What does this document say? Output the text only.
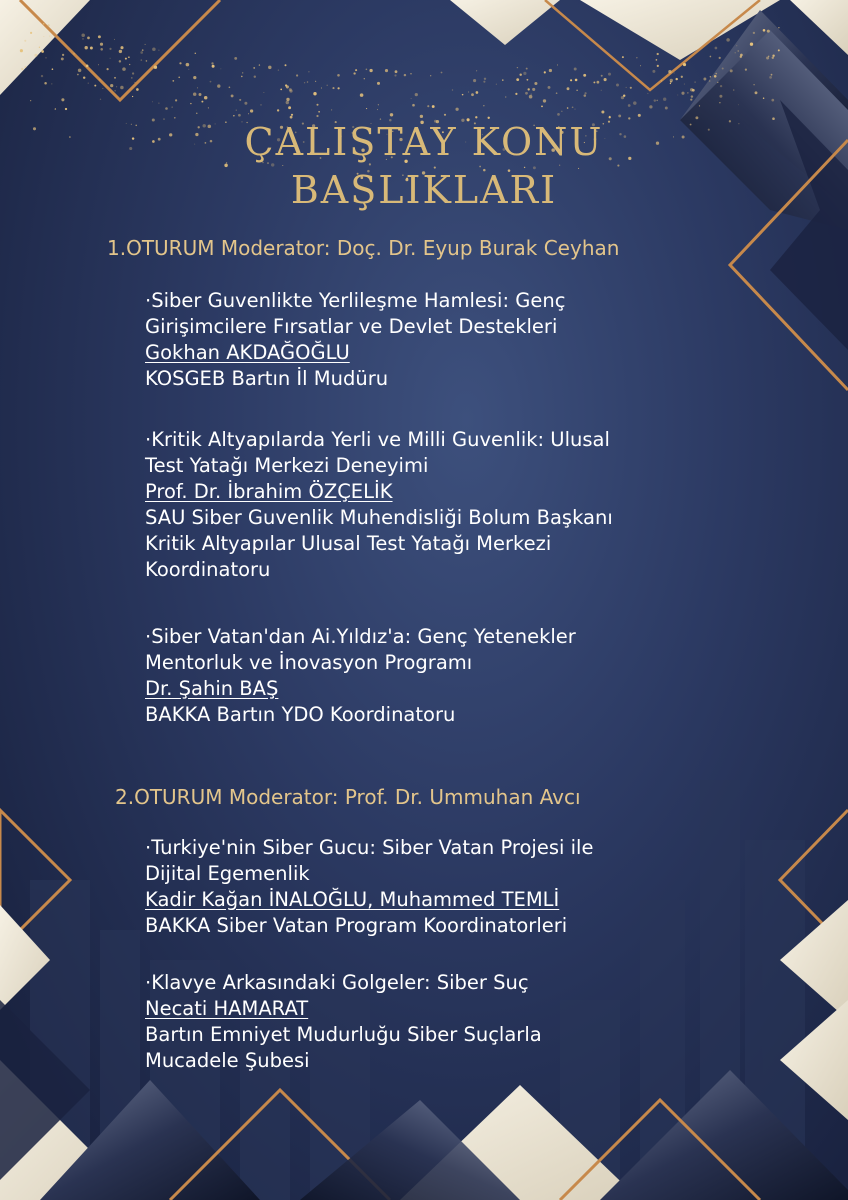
ÇALIŞTAY KONU
BAŞLIKLARI
1.OTURUM Moderator: Doç. Dr. Eyup Burak Ceyhan
·Siber Guvenlikte Yerlileşme Hamlesi: Genç
Girişimcilere Fırsatlar ve Devlet Destekleri
Gokhan AKDAĞOĞLU
KOSGEB Bartın İl Mudüru
·Kritik Altyapılarda Yerli ve Milli Guvenlik: Ulusal
Test Yatağı Merkezi Deneyimi
Prof. Dr. İbrahim ÖZÇELİK
SAU Siber Guvenlik Muhendisliği Bolum Başkanı
Kritik Altyapılar Ulusal Test Yatağı Merkezi
Koordinatoru
·Siber Vatan'dan Ai.Yıldız'a: Genç Yetenekler
Mentorluk ve İnovasyon Programı
Dr. Şahin BAŞ
BAKKA Bartın YDO Koordinatoru
2.OTURUM Moderator: Prof. Dr. Ummuhan Avcı
·Turkiye'nin Siber Gucu: Siber Vatan Projesi ile
Dijital Egemenlik
Kadir Kağan İNALOĞLU, Muhammed TEMLİ
BAKKA Siber Vatan Program Koordinatorleri
·Klavye Arkasındaki Golgeler: Siber Suç
Necati HAMARAT
Bartın Emniyet Mudurluğu Siber Suçlarla
Mucadele Şubesi
